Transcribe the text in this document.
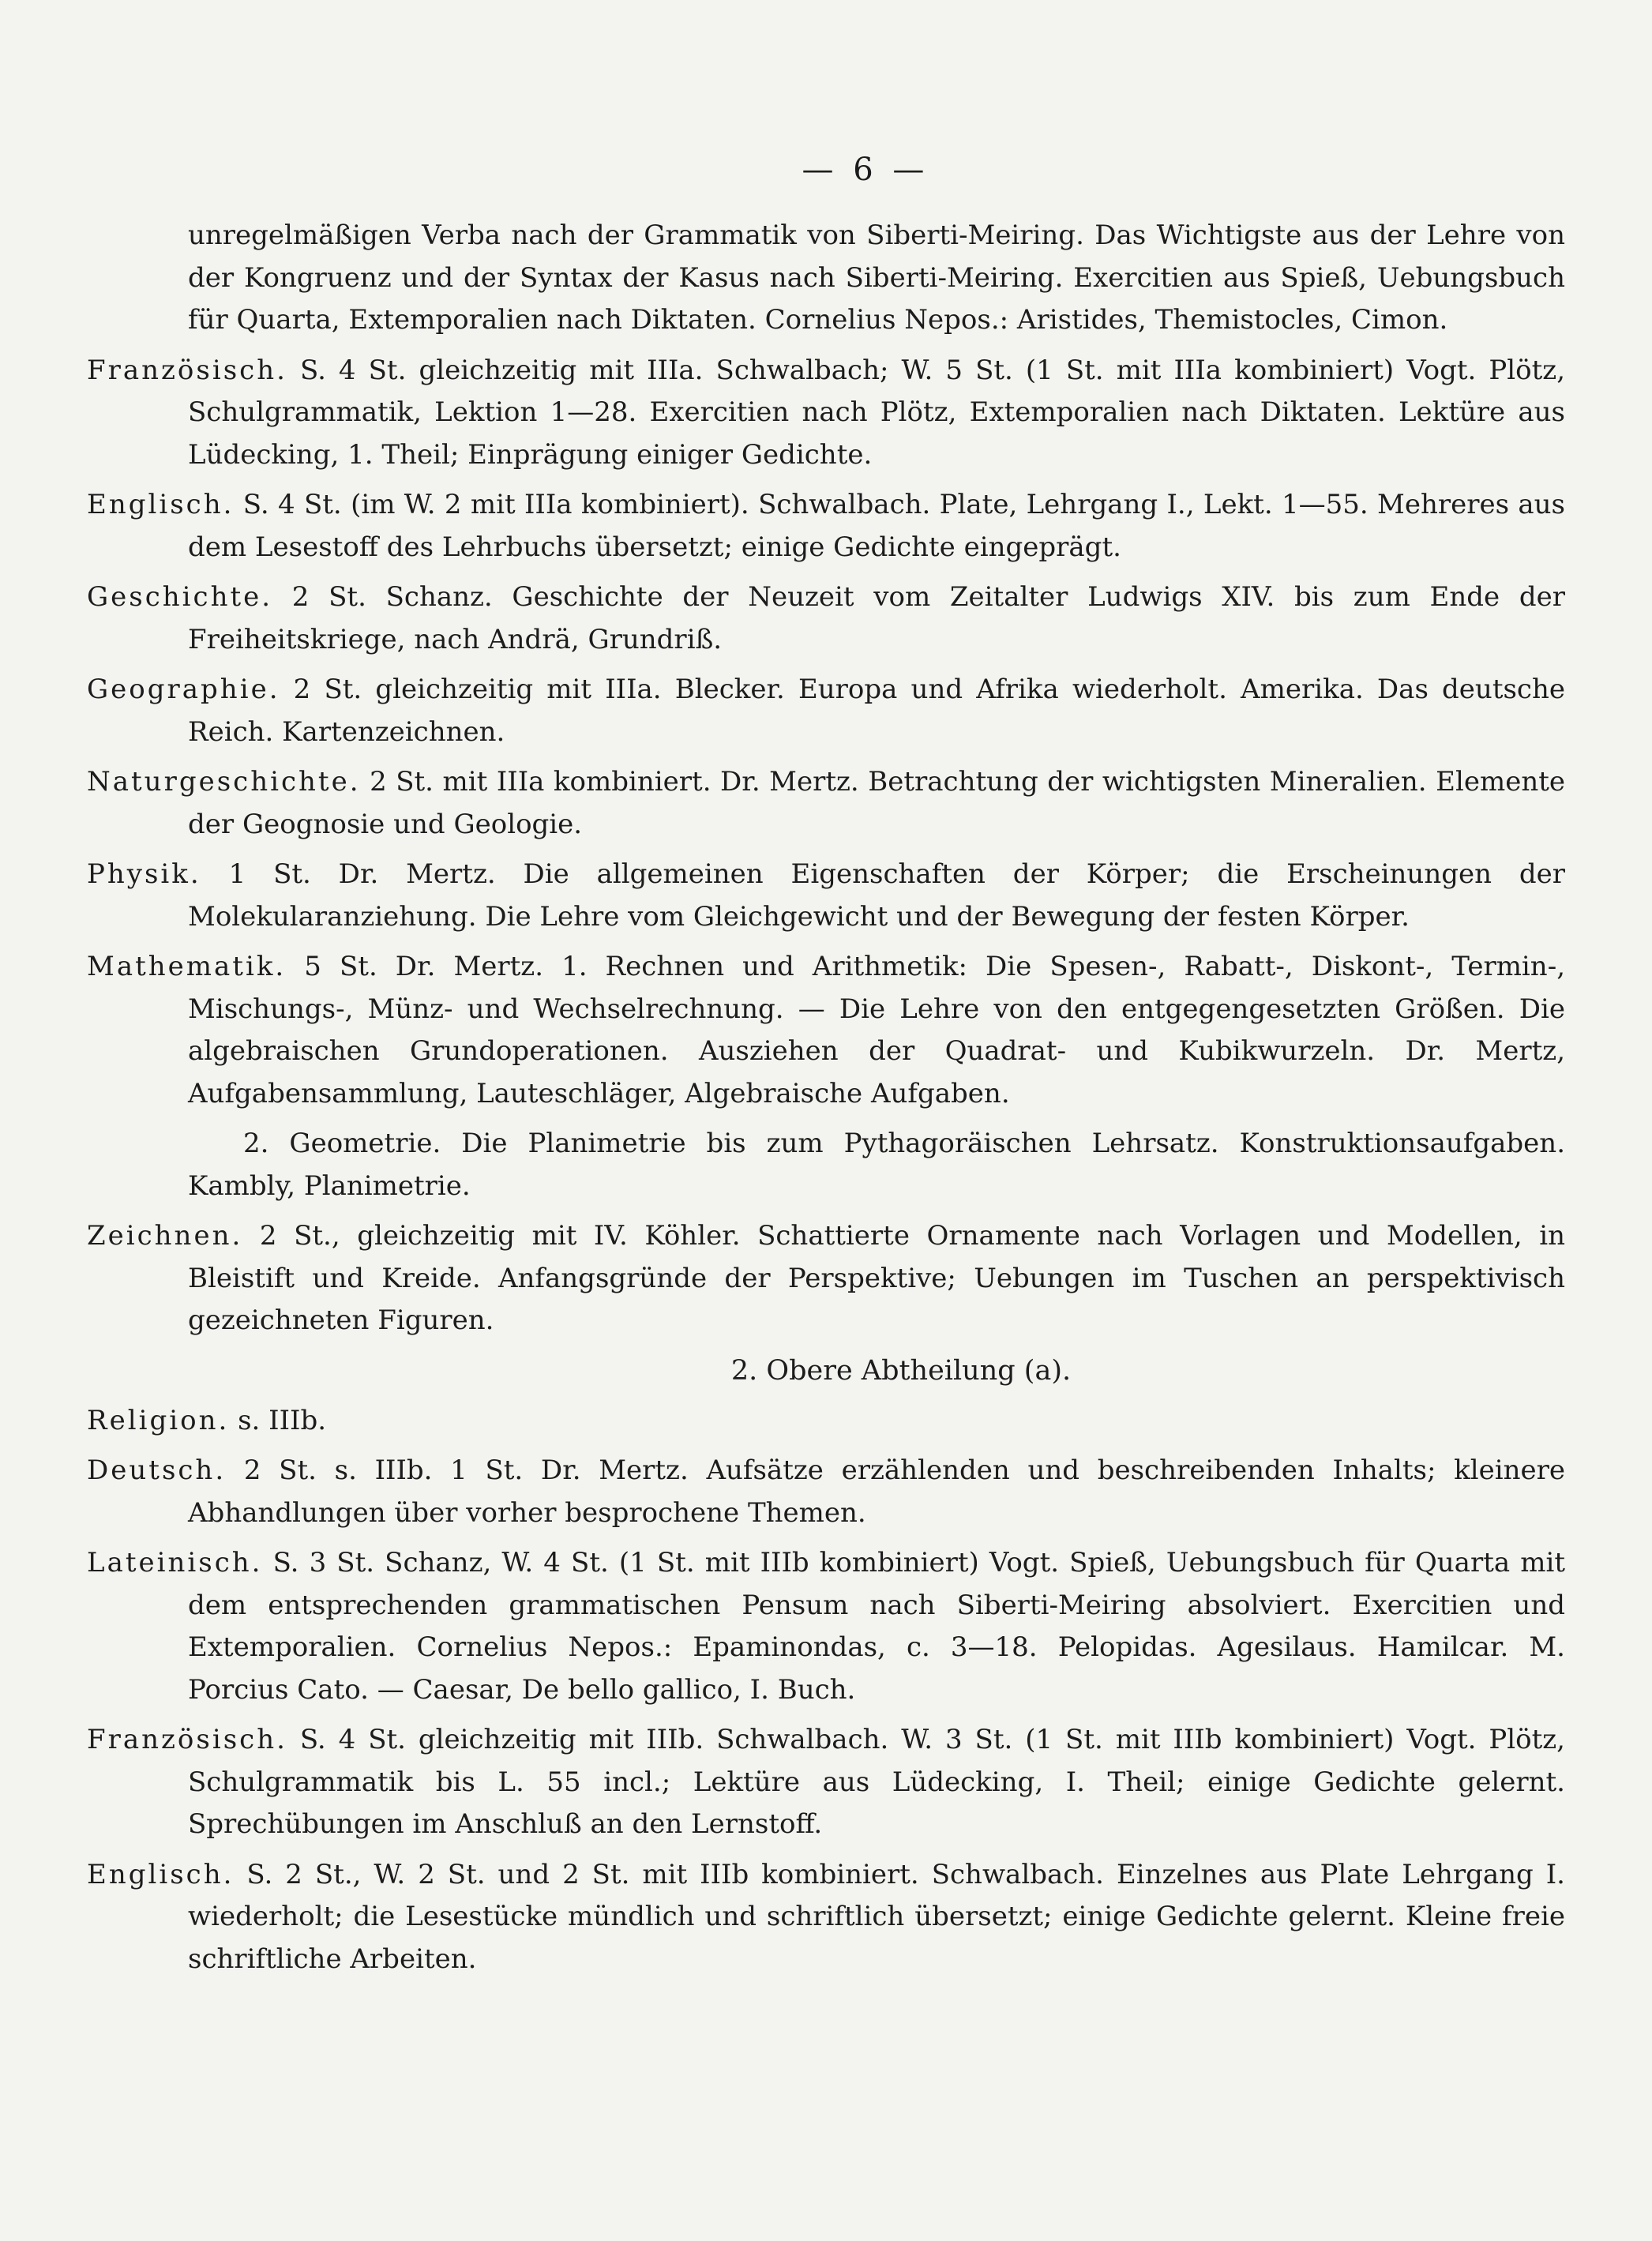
— 6 —

unregelmäßigen Verba nach der Grammatik von Siberti-Meiring. Das Wichtigste aus der Lehre von der Kongruenz und der Syntax der Kasus nach Siberti-Meiring. Exercitien aus Spieß, Uebungsbuch für Quarta, Extemporalien nach Diktaten. Cornelius Nepos.: Aristides, Themistocles, Cimon.

Französisch. S. 4 St. gleichzeitig mit IIIa. Schwalbach; W. 5 St. (1 St. mit IIIa kombiniert) Vogt. Plötz, Schulgrammatik, Lektion 1—28. Exercitien nach Plötz, Extemporalien nach Diktaten. Lektüre aus Lüdecking, 1. Theil; Einprägung einiger Gedichte.

Englisch. S. 4 St. (im W. 2 mit IIIa kombiniert). Schwalbach. Plate, Lehrgang I., Lekt. 1—55. Mehreres aus dem Lesestoff des Lehrbuchs übersetzt; einige Gedichte eingeprägt.

Geschichte. 2 St. Schanz. Geschichte der Neuzeit vom Zeitalter Ludwigs XIV. bis zum Ende der Freiheitskriege, nach Andrä, Grundriß.

Geographie. 2 St. gleichzeitig mit IIIa. Blecker. Europa und Afrika wiederholt. Amerika. Das deutsche Reich. Kartenzeichnen.

Naturgeschichte. 2 St. mit IIIa kombiniert. Dr. Mertz. Betrachtung der wichtigsten Mineralien. Elemente der Geognosie und Geologie.

Physik. 1 St. Dr. Mertz. Die allgemeinen Eigenschaften der Körper; die Erscheinungen der Molekularanziehung. Die Lehre vom Gleichgewicht und der Bewegung der festen Körper.

Mathematik. 5 St. Dr. Mertz. 1. Rechnen und Arithmetik: Die Spesen-, Rabatt-, Diskont-, Termin-, Mischungs-, Münz- und Wechselrechnung. — Die Lehre von den entgegengesetzten Größen. Die algebraischen Grundoperationen. Ausziehen der Quadrat- und Kubikwurzeln. Dr. Mertz, Aufgabensammlung, Lauteschläger, Algebraische Aufgaben.

2. Geometrie. Die Planimetrie bis zum Pythagoräischen Lehrsatz. Konstruktionsaufgaben. Kambly, Planimetrie.

Zeichnen. 2 St., gleichzeitig mit IV. Köhler. Schattierte Ornamente nach Vorlagen und Modellen, in Bleistift und Kreide. Anfangsgründe der Perspektive; Uebungen im Tuschen an perspektivisch gezeichneten Figuren.

2. Obere Abtheilung (a).

Religion. s. IIIb.

Deutsch. 2 St. s. IIIb. 1 St. Dr. Mertz. Aufsätze erzählenden und beschreibenden Inhalts; kleinere Abhandlungen über vorher besprochene Themen.

Lateinisch. S. 3 St. Schanz, W. 4 St. (1 St. mit IIIb kombiniert) Vogt. Spieß, Uebungsbuch für Quarta mit dem entsprechenden grammatischen Pensum nach Siberti-Meiring absolviert. Exercitien und Extemporalien. Cornelius Nepos.: Epaminondas, c. 3—18. Pelopidas. Agesilaus. Hamilcar. M. Porcius Cato. — Caesar, De bello gallico, I. Buch.

Französisch. S. 4 St. gleichzeitig mit IIIb. Schwalbach. W. 3 St. (1 St. mit IIIb kombiniert) Vogt. Plötz, Schulgrammatik bis L. 55 incl.; Lektüre aus Lüdecking, I. Theil; einige Gedichte gelernt. Sprechübungen im Anschluß an den Lernstoff.

Englisch. S. 2 St., W. 2 St. und 2 St. mit IIIb kombiniert. Schwalbach. Einzelnes aus Plate Lehrgang I. wiederholt; die Lesestücke mündlich und schriftlich übersetzt; einige Gedichte gelernt. Kleine freie schriftliche Arbeiten.
